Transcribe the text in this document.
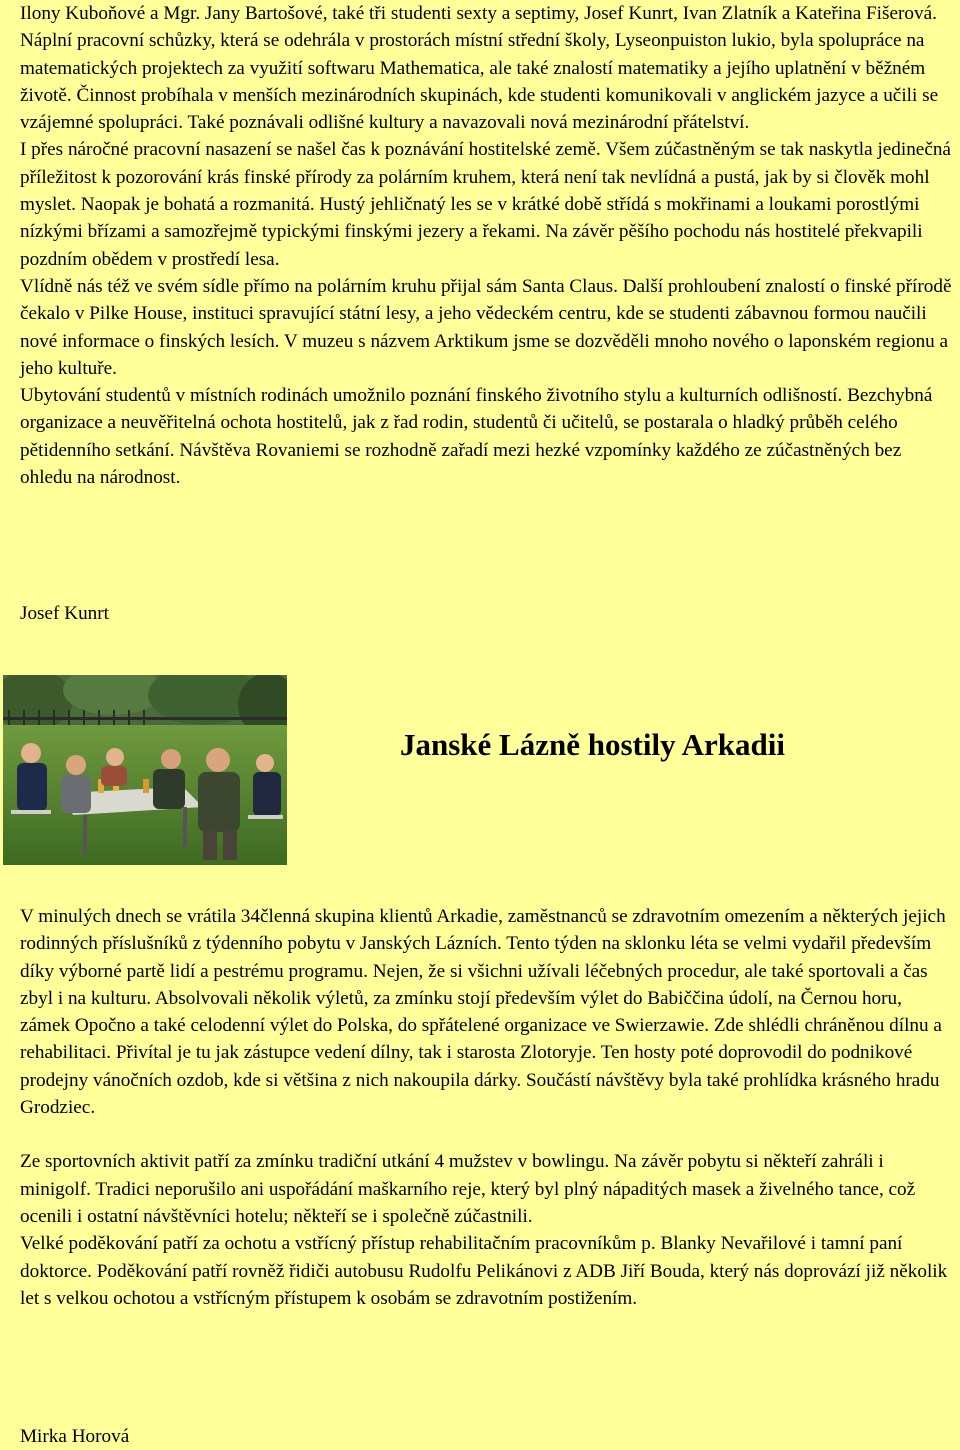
Ilony Kuboňové a Mgr. Jany Bartošové, také tři studenti sexty a septimy, Josef Kunrt, Ivan Zlatník a Kateřina Fišerová.

Náplní pracovní schůzky, která se odehrála v prostorách místní střední školy, Lyseonpuiston lukio, byla spolupráce na matematických projektech za využití softwaru Mathematica, ale také znalostí matematiky a jejího uplatnění v běžném životě. Činnost probíhala v menších mezinárodních skupinách, kde studenti komunikovali v anglickém jazyce a učili se vzájemné spolupráci. Také poznávali odlišné kultury a navazovali nová mezinárodní přátelství.

I přes náročné pracovní nasazení se našel čas k poznávání hostitelské země. Všem zúčastněným se tak naskytla jedinečná příležitost k pozorování krás finské přírody za polárním kruhem, která není tak nevlídná a pustá, jak by si člověk mohl myslet. Naopak je bohatá a rozmanitá. Hustý jehličnatý les se v krátké době střídá s mokřinami a loukami porostlými nízkými břízami a samozřejmě typickými finskými jezery a řekami. Na závěr pěšího pochodu nás hostitelé překvapili pozdním obědem v prostředí lesa.

Vlídně nás též ve svém sídle přímo na polárním kruhu přijal sám Santa Claus. Další prohloubení znalostí o finské přírodě čekalo v Pilke House, instituci spravující státní lesy, a jeho vědeckém centru, kde se studenti zábavnou formou naučili nové informace o finských lesích. V muzeu s názvem Arktikum jsme se dozvěděli mnoho nového o laponském regionu a jeho kultuře.

Ubytování studentů v místních rodinách umožnilo poznání finského životního stylu a kulturních odlišností. Bezchybná organizace a neuvěřitelná ochota hostitelů, jak z řad rodin, studentů či učitelů, se postarala o hladký průběh celého pětidenního setkání. Návštěva Rovaniemi se rozhodně zařadí mezi hezké vzpomínky každého ze zúčastněných bez ohledu na národnost.

Josef Kunrt
Janské Lázně hostily Arkadii

V minulých dnech se vrátila 34členná skupina klientů Arkadie, zaměstnanců se zdravotním omezením a některých jejich rodinných příslušníků z týdenního pobytu v Janských Lázních. Tento týden na sklonku léta se velmi vydařil především díky výborné partě lidí a pestrému programu. Nejen, že si všichni užívali léčebných procedur, ale také sportovali a čas zbyl i na kulturu. Absolvovali několik výletů, za zmínku stojí především výlet do Babiččina údolí, na Černou horu, zámek Opočno a také celodenní výlet do Polska, do spřátelené organizace ve Swierzawie. Zde shlédli chráněnou dílnu a rehabilitaci. Přivítal je tu jak zástupce vedení dílny, tak i starosta Zlotoryje. Ten hosty poté doprovodil do podnikové prodejny vánočních ozdob, kde si většina z nich nakoupila dárky. Součástí návštěvy byla také prohlídka krásného hradu Grodziec.

Ze sportovních aktivit patří za zmínku tradiční utkání 4 mužstev v bowlingu. Na závěr pobytu si někteří zahráli i minigolf. Tradici neporušilo ani uspořádání maškarního reje, který byl plný nápaditých masek a živelného tance, což ocenili i ostatní návštěvníci hotelu; někteří se i společně zúčastnili.

Velké poděkování patří za ochotu a vstřícný přístup rehabilitačním pracovníkům p. Blanky Nevařilové i tamní paní doktorce. Poděkování patří rovněž řidiči autobusu Rudolfu Pelikánovi z ADB Jiří Bouda, který nás doprovází již několik let s velkou ochotou a vstřícným přístupem k osobám se zdravotním postižením.

Mirka Horová
